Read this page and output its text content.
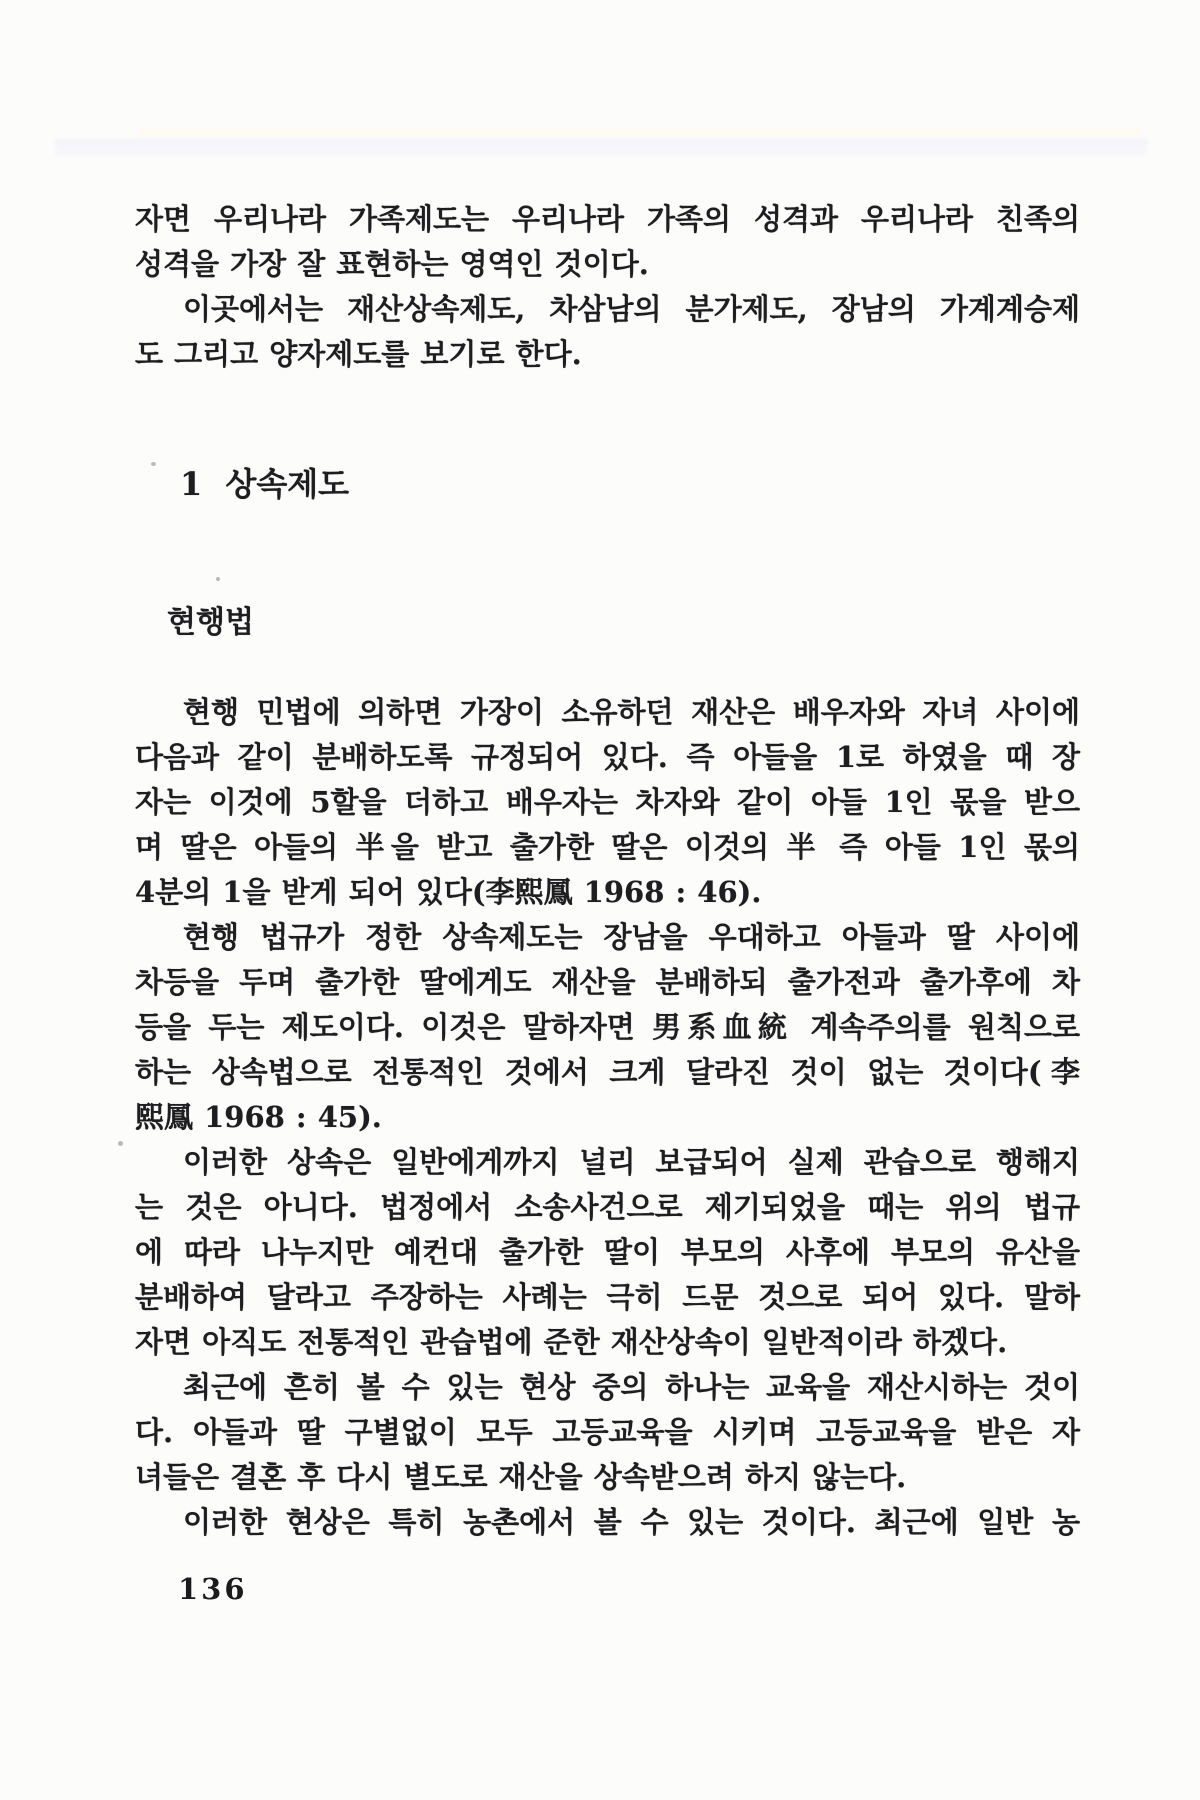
자면 우리나라 가족제도는 우리나라 가족의 성격과 우리나라 친족의
성격을 가장 잘 표현하는 영역인 것이다.
이곳에서는 재산상속제도, 차삼남의 분가제도, 장남의 가계계승제
도 그리고 양자제도를 보기로 한다.
1 상속제도
현행법
현행 민법에 의하면 가장이 소유하던 재산은 배우자와 자녀 사이에
다음과 같이 분배하도록 규정되어 있다. 즉 아들을 1로 하였을 때 장
자는 이것에 5할을 더하고 배우자는 차자와 같이 아들 1인 몫을 받으
며 딸은 아들의 半을 받고 출가한 딸은 이것의 半 즉 아들 1인 몫의
4분의 1을 받게 되어 있다(李熙鳳 1968 : 46).
현행 법규가 정한 상속제도는 장남을 우대하고 아들과 딸 사이에
차등을 두며 출가한 딸에게도 재산을 분배하되 출가전과 출가후에 차
등을 두는 제도이다. 이것은 말하자면 男系血統 계속주의를 원칙으로
하는 상속법으로 전통적인 것에서 크게 달라진 것이 없는 것이다(李
熙鳳 1968 : 45).
이러한 상속은 일반에게까지 널리 보급되어 실제 관습으로 행해지
는 것은 아니다. 법정에서 소송사건으로 제기되었을 때는 위의 법규
에 따라 나누지만 예컨대 출가한 딸이 부모의 사후에 부모의 유산을
분배하여 달라고 주장하는 사례는 극히 드문 것으로 되어 있다. 말하
자면 아직도 전통적인 관습법에 준한 재산상속이 일반적이라 하겠다.
최근에 흔히 볼 수 있는 현상 중의 하나는 교육을 재산시하는 것이
다. 아들과 딸 구별없이 모두 고등교육을 시키며 고등교육을 받은 자
녀들은 결혼 후 다시 별도로 재산을 상속받으려 하지 않는다.
이러한 현상은 특히 농촌에서 볼 수 있는 것이다. 최근에 일반 농
136
